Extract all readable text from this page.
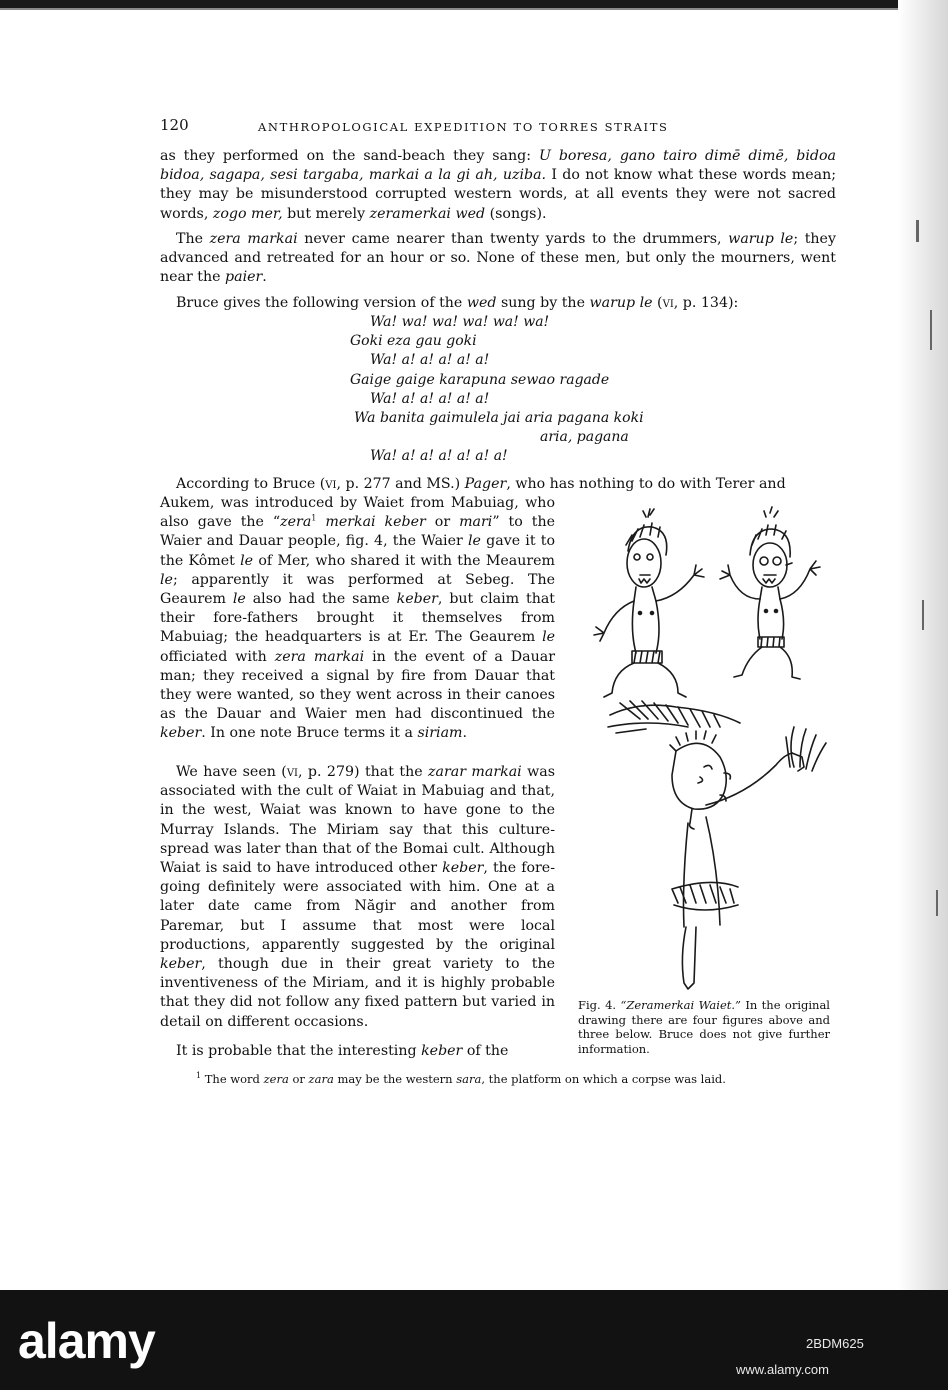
120	ANTHROPOLOGICAL EXPEDITION TO TORRES STRAITS
as they performed on the sand-beach they sang: U boresa, gano tairo dimē dimē, bidoa bidoa, sagapa, sesi targaba, markai a la gi ah, uziba. I do not know what these words mean; they may be misunderstood corrupted western words, at all events they were not sacred words, zogo mer, but merely zeramerkai wed (songs).
The zera markai never came nearer than twenty yards to the drummers, warup le; they advanced and retreated for an hour or so. None of these men, but only the mourners, went near the paier.
Bruce gives the following version of the wed sung by the warup le (vi, p. 134):
Wa! wa! wa! wa! wa! wa!
Goki eza gau goki
Wa! a! a! a! a! a!
Gaige gaige karapuna sewao ragade
Wa! a! a! a! a! a!
Wa banita gaimulela jai aria pagana koki
aria, pagana
Wa! a! a! a! a! a! a!
According to Bruce (vi, p. 277 and MS.) Pager, who has nothing to do with Terer and
Aukem, was introduced by Waiet from Mabuiag, who also gave the “zera$^1$ merkai keber or mari” to the Waier and Dauar people, fig. 4, the Waier le gave it to the Kômet le of Mer, who shared it with the Meaurem le; apparently it was performed at Sebeg. The Geaurem le also had the same keber, but claim that their fore-fathers brought it themselves from Mabuiag; the headquarters is at Er. The Geaurem le officiated with zera markai in the event of a Dauar man; they received a signal by fire from Dauar that they were wanted, so they went across in their canoes as the Dauar and Waier men had discontinued the keber. In one note Bruce terms it a siriam.
We have seen (vi, p. 279) that the zarar markai was associated with the cult of Waiat in Mabuiag and that, in the west, Waiat was known to have gone to the Murray Islands. The Miriam say that this culture-spread was later than that of the Bomai cult. Although Waiat is said to have introduced other keber, the fore-going definitely were associated with him. One at a later date came from Năgir and another from Paremar, but I assume that most were local productions, apparently suggested by the original keber, though due in their great variety to the inventiveness of the Miriam, and it is highly probable that they did not follow any fixed pattern but varied in detail on different occasions.
It is probable that the interesting keber of the
Fig. 4. “Zeramerkai Waiet.” In the original drawing there are four figures above and three below. Bruce does not give further information.
$^1$ The word zera or zara may be the western sara, the platform on which a corpse was laid.
alamy	2BDM625
www.alamy.com
